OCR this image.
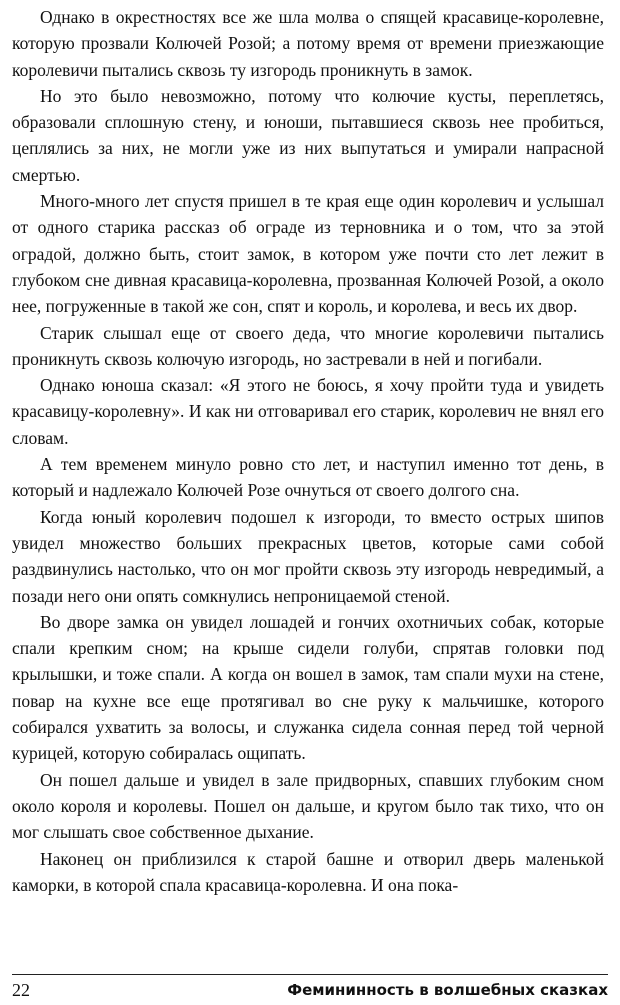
Однако в окрестностях все же шла молва о спящей красавице-королевне, которую прозвали Колючей Розой; а потому время от времени приезжающие королевичи пытались сквозь ту изгородь проникнуть в замок.

Но это было невозможно, потому что колючие кусты, переплетясь, образовали сплошную стену, и юноши, пытавшиеся сквозь нее пробиться, цеплялись за них, не могли уже из них выпутаться и умирали напрасной смертью.

Много-много лет спустя пришел в те края еще один королевич и услышал от одного старика рассказ об ограде из терновника и о том, что за этой оградой, должно быть, стоит замок, в котором уже почти сто лет лежит в глубоком сне дивная красавица-королевна, прозванная Колючей Розой, а около нее, погруженные в такой же сон, спят и король, и королева, и весь их двор.

Старик слышал еще от своего деда, что многие королевичи пытались проникнуть сквозь колючую изгородь, но застревали в ней и погибали.

Однако юноша сказал: «Я этого не боюсь, я хочу пройти туда и увидеть красавицу-королевну». И как ни отговаривал его старик, королевич не внял его словам.

А тем временем минуло ровно сто лет, и наступил именно тот день, в который и надлежало Колючей Розе очнуться от своего долгого сна.

Когда юный королевич подошел к изгороди, то вместо острых шипов увидел множество больших прекрасных цветов, которые сами собой раздвинулись настолько, что он мог пройти сквозь эту изгородь невредимый, а позади него они опять сомкнулись непроницаемой стеной.

Во дворе замка он увидел лошадей и гончих охотничьих собак, которые спали крепким сном; на крыше сидели голуби, спрятав головки под крылышки, и тоже спали. А когда он вошел в замок, там спали мухи на стене, повар на кухне все еще протягивал во сне руку к мальчишке, которого собирался ухватить за волосы, и служанка сидела сонная перед той черной курицей, которую собиралась ощипать.

Он пошел дальше и увидел в зале придворных, спавших глубоким сном около короля и королевы. Пошел он дальше, и кругом было так тихо, что он мог слышать свое собственное дыхание.

Наконец он приблизился к старой башне и отворил дверь маленькой каморки, в которой спала красавица-королевна. И она пока-

22	Фемининность в волшебных сказках
